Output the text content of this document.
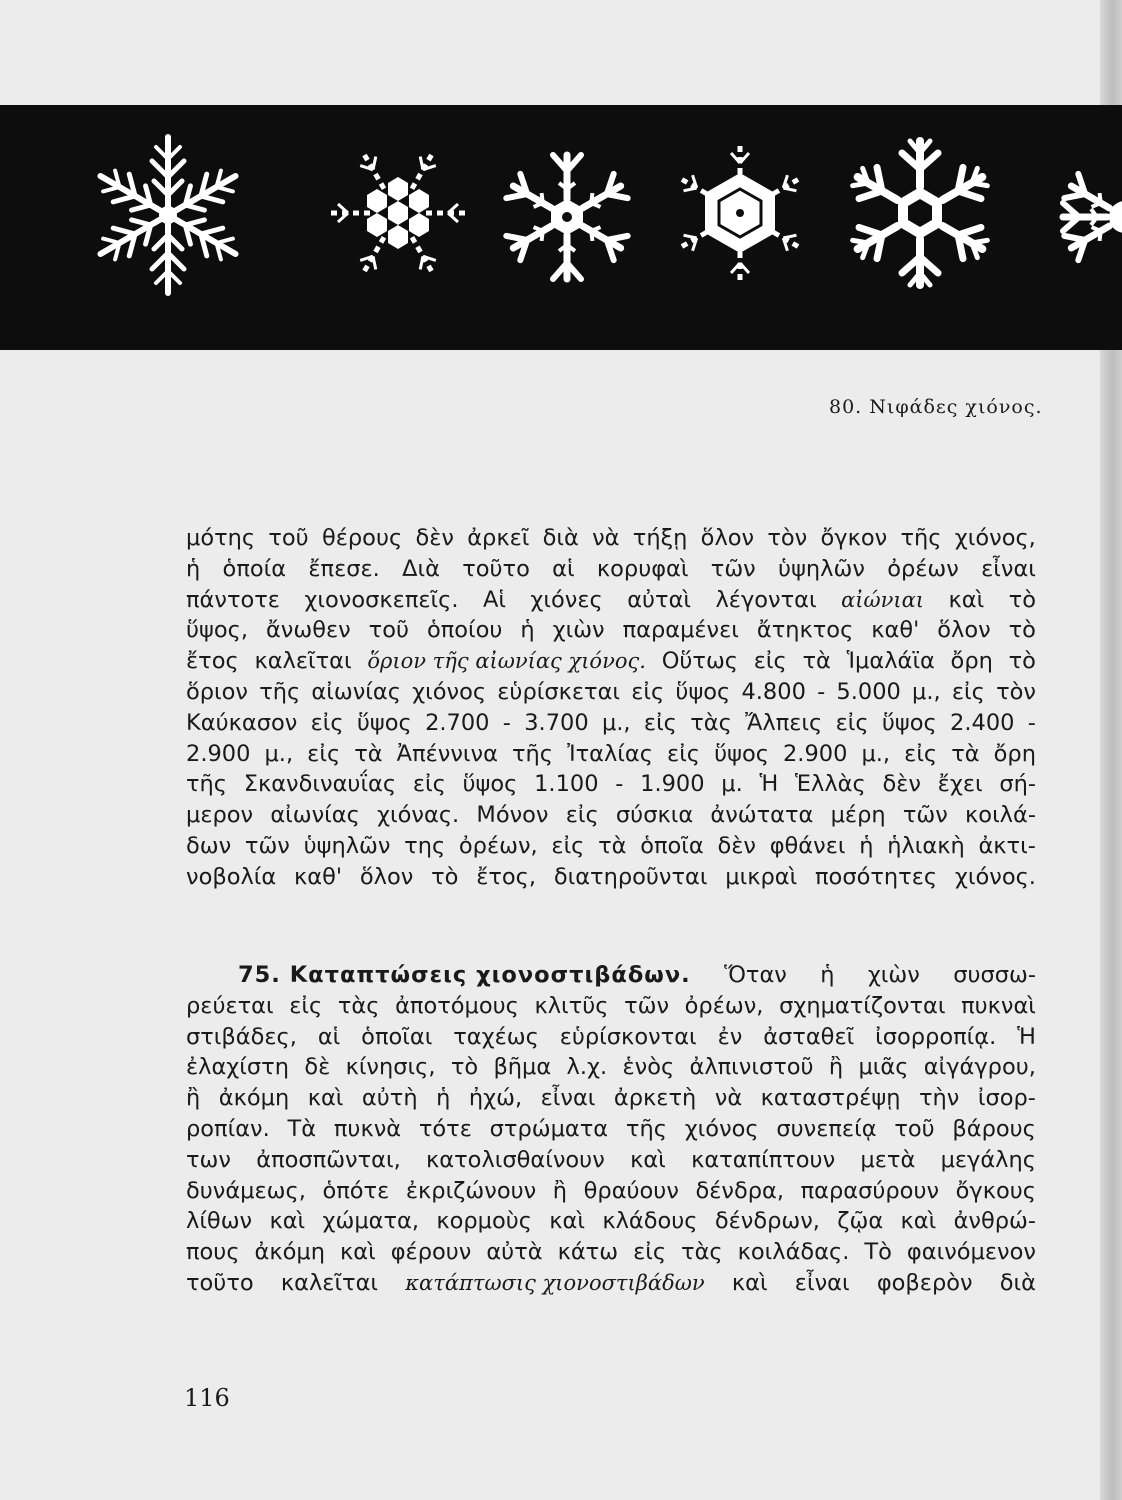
80. Νιφάδες χιόνος.
μότης τοῦ θέρους δὲν ἀρκεῖ διὰ νὰ τήξῃ ὅλον τὸν ὄγκον τῆς χιόνος,
ἡ ὁποία ἔπεσε. Διὰ τοῦτο αἱ κορυφαὶ τῶν ὑψηλῶν ὀρέων εἶναι
πάντοτε χιονοσκεπεῖς. Αἱ χιόνες αὐταὶ λέγονται αἰώνιαι καὶ τὸ
ὕψος, ἄνωθεν τοῦ ὁποίου ἡ χιὼν παραμένει ἄτηκτος καθ' ὅλον τὸ
ἔτος καλεῖται ὅριον τῆς αἰωνίας χιόνος. Οὕτως εἰς τὰ Ἱμαλάϊα ὄρη τὸ
ὅριον τῆς αἰωνίας χιόνος εὑρίσκεται εἰς ὕψος 4.800 - 5.000 μ., εἰς τὸν
Καύκασον εἰς ὕψος 2.700 - 3.700 μ., εἰς τὰς Ἄλπεις εἰς ὕψος 2.400 -
2.900 μ., εἰς τὰ Ἀπέννινα τῆς Ἰταλίας εἰς ὕψος 2.900 μ., εἰς τὰ ὄρη
τῆς Σκανδιναυΐας εἰς ὕψος 1.100 - 1.900 μ. Ἡ Ἑλλὰς δὲν ἔχει σή-
μερον αἰωνίας χιόνας. Μόνον εἰς σύσκια ἀνώτατα μέρη τῶν κοιλά-
δων τῶν ὑψηλῶν της ὀρέων, εἰς τὰ ὁποῖα δὲν φθάνει ἡ ἡλιακὴ ἀκτι-
νοβολία καθ' ὅλον τὸ ἔτος, διατηροῦνται μικραὶ ποσότητες χιόνος.
75. Καταπτώσεις χιονοστιβάδων. Ὅταν ἡ χιὼν συσσω-
ρεύεται εἰς τὰς ἀποτόμους κλιτῦς τῶν ὀρέων, σχηματίζονται πυκναὶ
στιβάδες, αἱ ὁποῖαι ταχέως εὑρίσκονται ἐν ἀσταθεῖ ἰσορροπίᾳ. Ἡ
ἐλαχίστη δὲ κίνησις, τὸ βῆμα λ.χ. ἑνὸς ἀλπινιστοῦ ἢ μιᾶς αἰγάγρου,
ἢ ἀκόμη καὶ αὐτὴ ἡ ἠχώ, εἶναι ἀρκετὴ νὰ καταστρέψῃ τὴν ἰσορ-
ροπίαν. Τὰ πυκνὰ τότε στρώματα τῆς χιόνος συνεπείᾳ τοῦ βάρους
των ἀποσπῶνται, κατολισθαίνουν καὶ καταπίπτουν μετὰ μεγάλης
δυνάμεως, ὁπότε ἐκριζώνουν ἢ θραύουν δένδρα, παρασύρουν ὄγκους
λίθων καὶ χώματα, κορμοὺς καὶ κλάδους δένδρων, ζῷα καὶ ἀνθρώ-
πους ἀκόμη καὶ φέρουν αὐτὰ κάτω εἰς τὰς κοιλάδας. Τὸ φαινόμενον
τοῦτο καλεῖται κατάπτωσις χιονοστιβάδων καὶ εἶναι φοβερὸν διὰ
116
